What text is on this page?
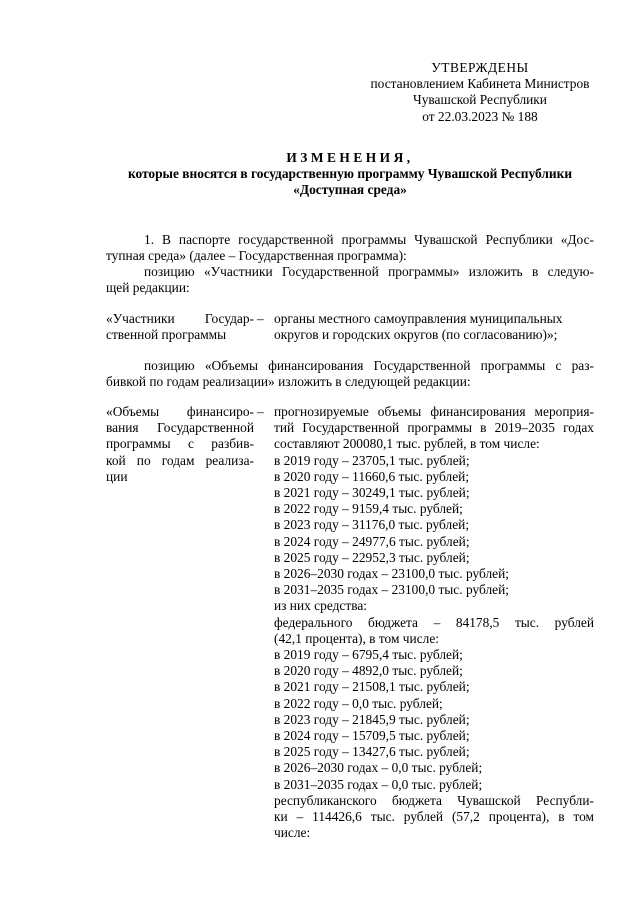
УТВЕРЖДЕНЫ
постановлением Кабинета Министров
Чувашской Республики
от 22.03.2023 № 188
ИЗМЕНЕНИЯ,
которые вносятся в государственную программу Чувашской Республики
«Доступная среда»
1. В паспорте государственной программы Чувашской Республики «Дос-
тупная среда» (далее – Государственная программа):
позицию «Участники Государственной программы» изложить в следую-
щей редакции:
«Участники Государ-
ственной программы
– органы местного самоуправления муниципальных
округов и городских округов (по согласованию)»;
позицию «Объемы финансирования Государственной программы с раз-
бивкой по годам реализации» изложить в следующей редакции:
«Объемы финансиро-
вания Государственной
программы с разбив-
кой по годам реализа-
ции
– прогнозируемые объемы финансирования мероприя-
тий Государственной программы в 2019–2035 годах
составляют 200080,1 тыс. рублей, в том числе:
в 2019 году – 23705,1 тыс. рублей;
в 2020 году – 11660,6 тыс. рублей;
в 2021 году – 30249,1 тыс. рублей;
в 2022 году – 9159,4 тыс. рублей;
в 2023 году – 31176,0 тыс. рублей;
в 2024 году – 24977,6 тыс. рублей;
в 2025 году – 22952,3 тыс. рублей;
в 2026–2030 годах – 23100,0 тыс. рублей;
в 2031–2035 годах – 23100,0 тыс. рублей;
из них средства:
федерального бюджета – 84178,5 тыс. рублей
(42,1 процента), в том числе:
в 2019 году – 6795,4 тыс. рублей;
в 2020 году – 4892,0 тыс. рублей;
в 2021 году – 21508,1 тыс. рублей;
в 2022 году – 0,0 тыс. рублей;
в 2023 году – 21845,9 тыс. рублей;
в 2024 году – 15709,5 тыс. рублей;
в 2025 году – 13427,6 тыс. рублей;
в 2026–2030 годах – 0,0 тыс. рублей;
в 2031–2035 годах – 0,0 тыс. рублей;
республиканского бюджета Чувашской Республи-
ки – 114426,6 тыс. рублей (57,2 процента), в том
числе:
